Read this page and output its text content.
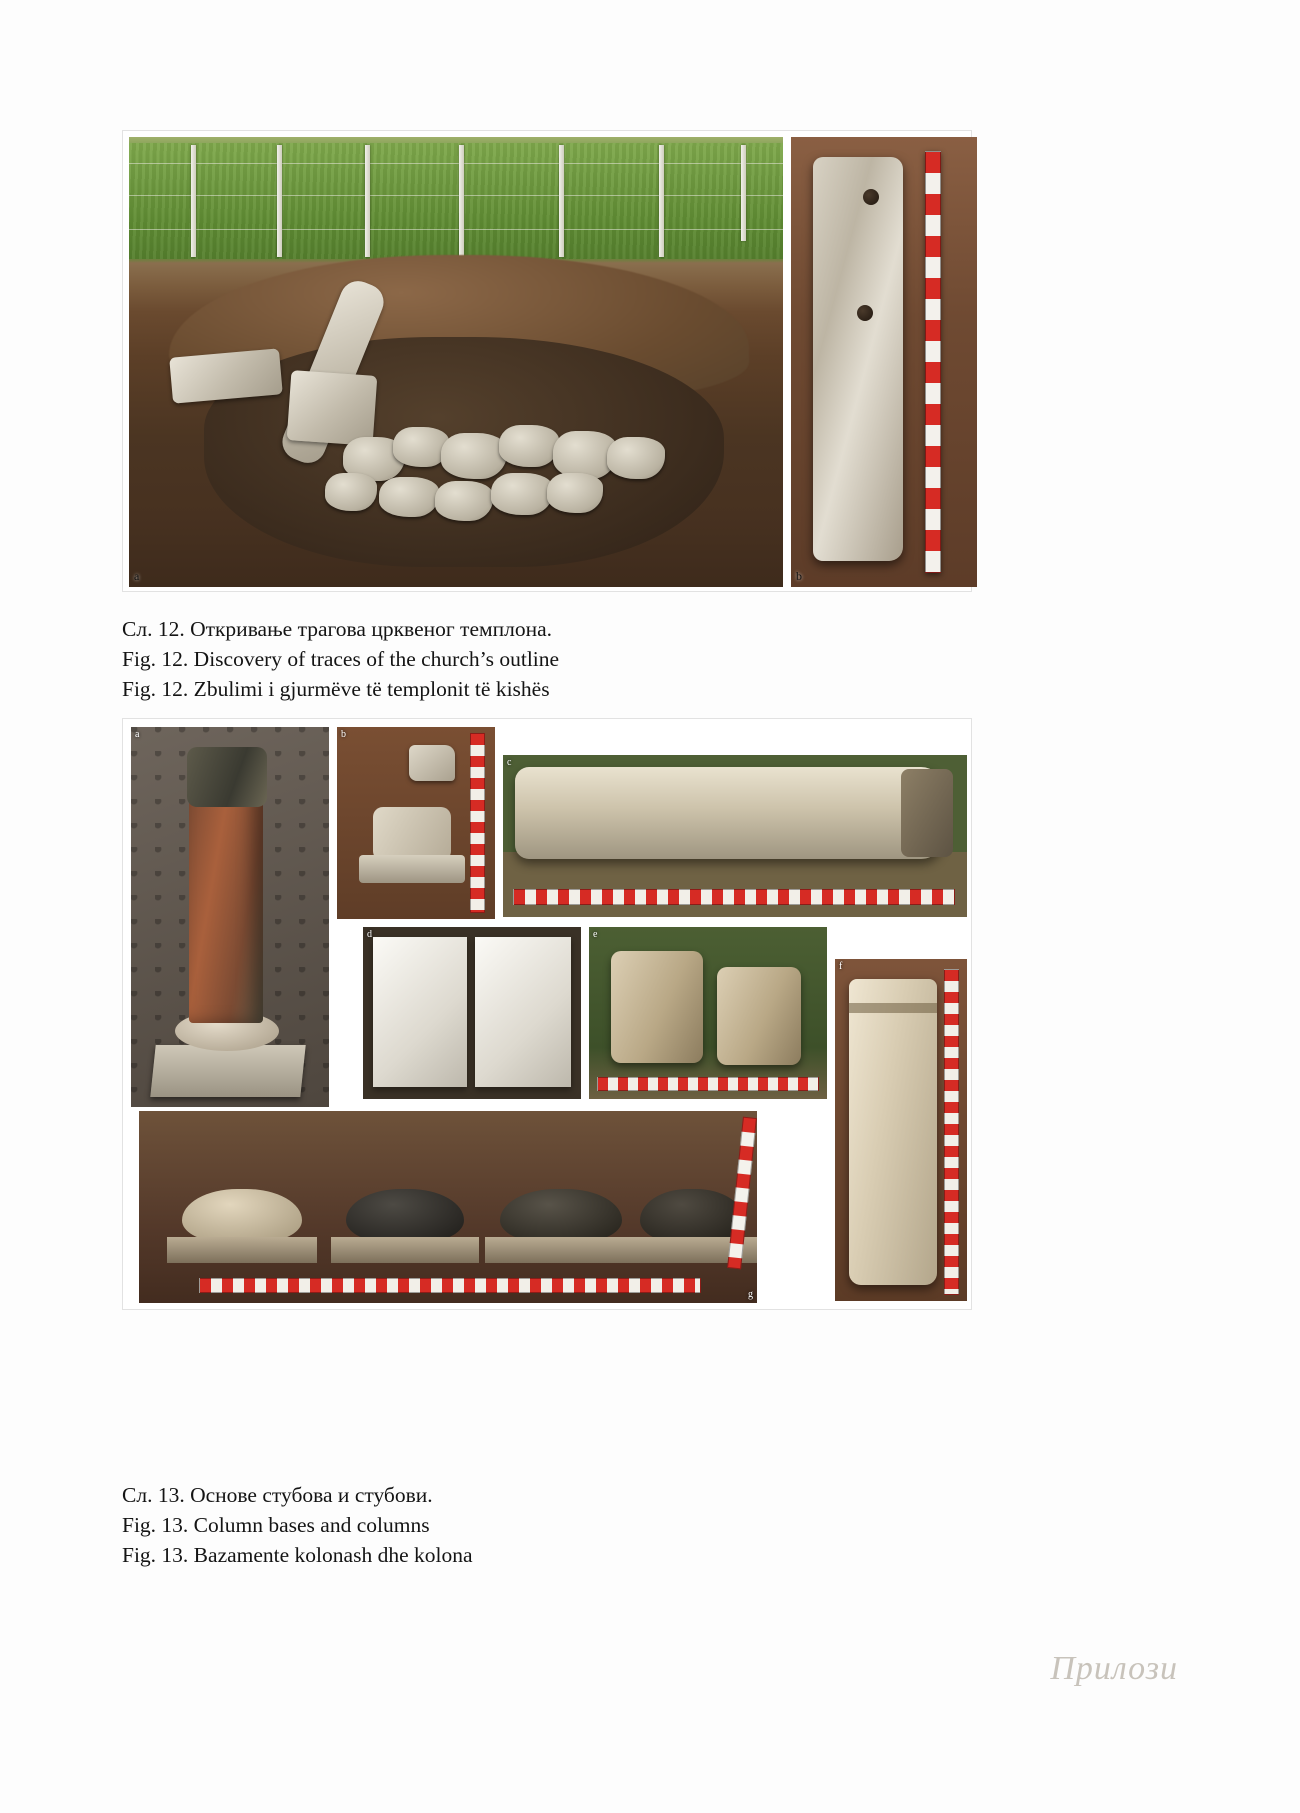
a	b
Сл. 12. Откривање трагова црквеног темплона.
Fig. 12. Discovery of traces of the church’s outline
Fig. 12. Zbulimi i gjurmëve të templonit të kishës
a	b
c
d	e
f
g
Сл. 13. Основе стубова и стубови.
Fig. 13. Column bases and columns
Fig. 13. Bazamente kolonash dhe kolona
Прилози
